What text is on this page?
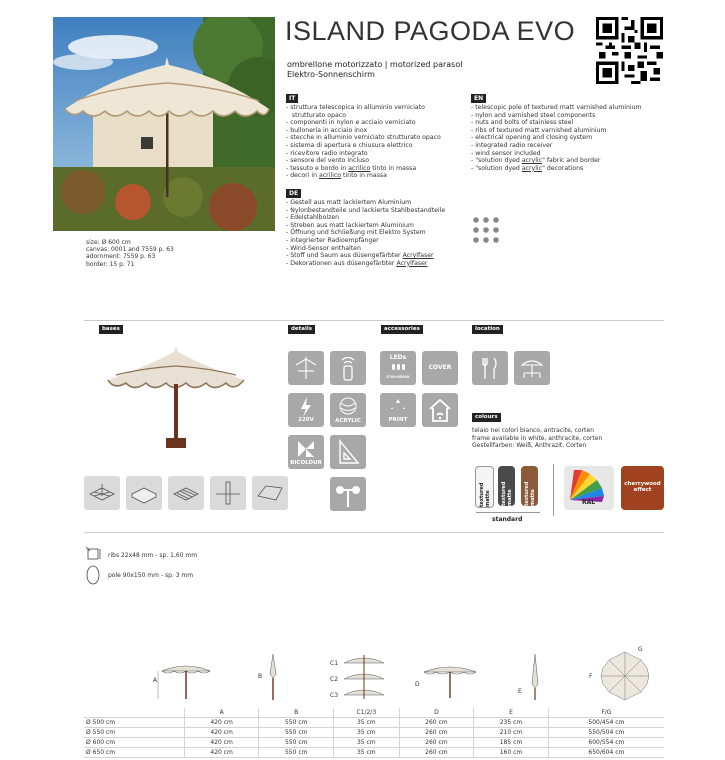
ISLAND PAGODA EVO
ombrellone motorizzato | motorized parasol
Elektro-Sonnenschirm
IT
- struttura telescopica in alluminio verniciato
strutturato opaco
- componenti in nylon e acciaio verniciato
- bulloneria in acciaio inox
- stecche in alluminio verniciato strutturato opaco
- sistema di apertura e chiusura elettrico
- ricevitore radio integrato
- sensore del vento incluso
- tessuto e bordo in acrilico tinto in massa
- decori in acrilico tinto in massa
EN
- telescopic pole of textured matt varnished aluminium
- nylon and varnished steel components
- nuts and bolts of stainless steel
- ribs of textured matt varnished aluminium
- electrical opening and closing system
- integrated radio receiver
- wind sensor included
- "solution dyed acrylic" fabric and border
- "solution dyed acrylic" decorations
DE
- Gestell aus matt lackiertem Aluminium
- Nylonbestandteile und lackierte Stahlbestandteile
- Edelstahlbolzen
- Streben aus matt lackiertem Aluminium
- Öffnung und Schließung mit Elektro System
- integrierter Radioempfänger
- Wind-Sensor enthalten
- Stoff und Saum aus düsengefärbter Acrylfaser
- Dekorationen aus düsengefärbter Acrylfaser
size: Ø 600 cm
canvas: 0001 and 7559 p. 63
adornment: 7559 p. 63
border: 15 p. 71
bases	details	accessories	location
220V	ACRYLIC
BICOLOUR
LEDs
3700-6500K
COVER
PRINT	colours
telaio nei colori bianco, antracite, corten
frame available in white, anthracite, corten
Gestellfarben: Weiß, Anthrazit, Corten
textured matte textured matte textured matte
standard
RAL
cherrywood
effect
ribs 22x48 mm - sp. 1,60 mm
pole 90x150 mm - sp. 3 mm
A
B
C1
C2
C3
D
E
F
G
	A	B	C1/2/3	D	E	F/G
Ø 500 cm	420 cm	550 cm	35 cm	260 cm	235 cm	500/454 cm
Ø 550 cm	420 cm	550 cm	35 cm	260 cm	210 cm	550/504 cm
Ø 600 cm	420 cm	550 cm	35 cm	260 cm	185 cm	600/554 cm
Ø 650 cm	420 cm	550 cm	35 cm	260 cm	160 cm	650/604 cm
